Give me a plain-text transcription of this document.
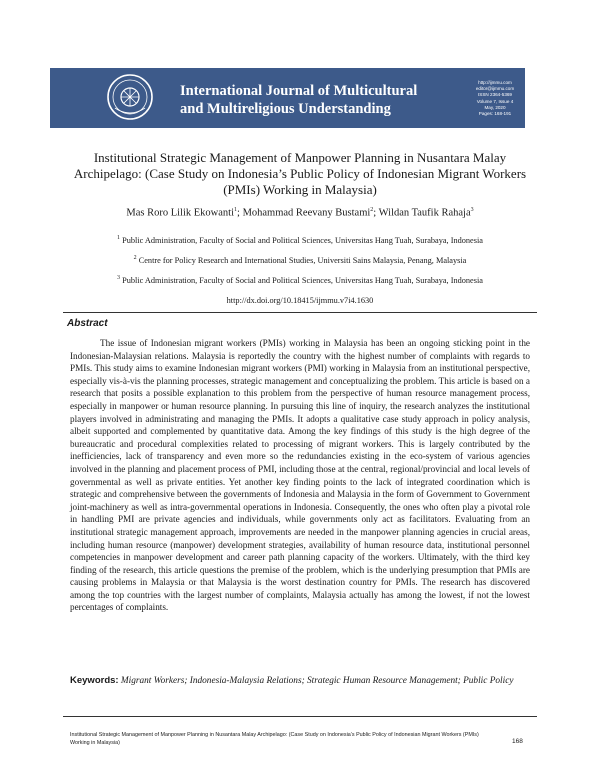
International Journal of Multicultural
and Multireligious Understanding
http://ijmmu.com
editor@ijmmu.com
ISSN 2364-5369
Volume 7, Issue 4
May, 2020
Pages: 168-191
Institutional Strategic Management of Manpower Planning in Nusantara Malay Archipelago: (Case Study on Indonesia’s Public Policy of Indonesian Migrant Workers (PMIs) Working in Malaysia)
Mas Roro Lilik Ekowanti$^1$; Mohammad Reevany Bustami$^2$; Wildan Taufik Rahaja$^3$
$^1$ Public Administration, Faculty of Social and Political Sciences, Universitas Hang Tuah, Surabaya, Indonesia
$^2$ Centre for Policy Research and International Studies, Universiti Sains Malaysia, Penang, Malaysia
$^3$ Public Administration, Faculty of Social and Political Sciences, Universitas Hang Tuah, Surabaya, Indonesia
http://dx.doi.org/10.18415/ijmmu.v7i4.1630
Abstract

The issue of Indonesian migrant workers (PMIs) working in Malaysia has been an ongoing sticking point in the Indonesian-Malaysian relations. Malaysia is reportedly the country with the highest number of complaints with regards to PMIs. This study aims to examine Indonesian migrant workers (PMI) working in Malaysia from an institutional perspective, especially vis-à-vis the planning processes, strategic management and conceptualizing the problem. This article is based on a research that posits a possible explanation to this problem from the perspective of human resource management process, especially in manpower or human resource planning. In pursuing this line of inquiry, the research analyzes the institutional players involved in administrating and managing the PMIs. It adopts a qualitative case study approach in policy analysis, albeit supported and complemented by quantitative data. Among the key findings of this study is the high degree of the bureaucratic and procedural complexities related to processing of migrant workers. This is largely contributed by the inefficiencies, lack of transparency and even more so the redundancies existing in the eco-system of various agencies involved in the planning and placement process of PMI, including those at the central, regional/provincial and local levels of governmental as well as private entities. Yet another key finding points to the lack of integrated coordination which is strategic and comprehensive between the governments of Indonesia and Malaysia in the form of Government to Government joint-machinery as well as intra-governmental operations in Indonesia. Consequently, the ones who often play a pivotal role in handling PMI are private agencies and individuals, while governments only act as facilitators. Evaluating from an institutional strategic management approach, improvements are needed in the manpower planning agencies in crucial areas, including human resource (manpower) development strategies, availability of human resource data, institutional personnel competencies in manpower development and career path planning capacity of the workers. Ultimately, with the third key finding of the research, this article questions the premise of the problem, which is the underlying presumption that PMIs are causing problems in Malaysia or that Malaysia is the worst destination country for PMIs. The research has discovered among the top countries with the largest number of complaints, Malaysia actually has among the lowest, if not the lowest percentages of complaints.

Keywords: Migrant Workers; Indonesia-Malaysia Relations; Strategic Human Resource Management; Public Policy
Institutional Strategic Management of Manpower Planning in Nusantara Malay Archipelago: (Case Study on Indonesia’s Public Policy of Indonesian Migrant Workers (PMIs) Working in Malaysia)	168
